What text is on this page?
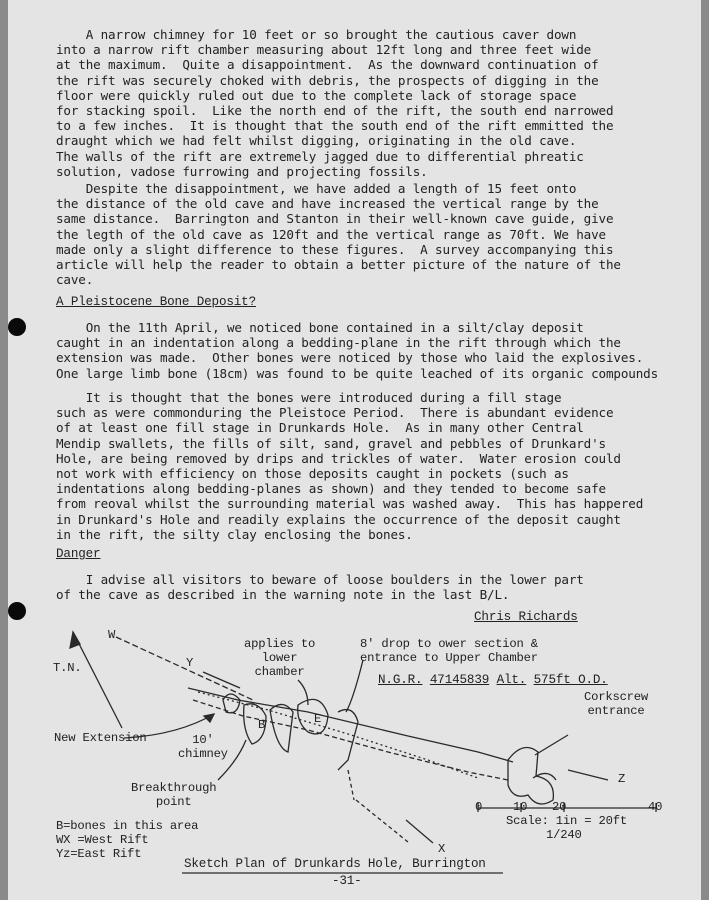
A narrow chimney for 10 feet or so brought the cautious caver down
into a narrow rift chamber measuring about 12ft long and three feet wide
at the maximum.  Quite a disappointment.  As the downward continuation of
the rift was securely choked with debris, the prospects of digging in the
floor were quickly ruled out due to the complete lack of storage space
for stacking spoil.  Like the north end of the rift, the south end narrowed
to a few inches.  It is thought that the south end of the rift emmitted the
draught which we had felt whilst digging, originating in the old cave.
The walls of the rift are extremely jagged due to differential phreatic
solution, vadose furrowing and projecting fossils.
Despite the disappointment, we have added a length of 15 feet onto
the distance of the old cave and have increased the vertical range by the
same distance.  Barrington and Stanton in their well-known cave guide, give
the legth of the old cave as 120ft and the vertical range as 70ft. We have
made only a slight difference to these figures.  A survey accompanying this
article will help the reader to obtain a better picture of the nature of the
cave.
A Pleistocene Bone Deposit?
On the 11th April, we noticed bone contained in a silt/clay deposit
caught in an indentation along a bedding-plane in the rift through which the
extension was made.  Other bones were noticed by those who laid the explosives.
One large limb bone (18cm) was found to be quite leached of its organic compounds
It is thought that the bones were introduced during a fill stage
such as were commonduring the Pleistoce Period.  There is abundant evidence
of at least one fill stage in Drunkards Hole.  As in many other Central
Mendip swallets, the fills of silt, sand, gravel and pebbles of Drunkard's
Hole, are being removed by drips and trickles of water.  Water erosion could
not work with efficiency on those deposits caught in pockets (such as
indentations along bedding-planes as shown) and they tended to become safe
from reoval whilst the surrounding material was washed away.  This has happered
in Drunkard's Hole and readily explains the occurrence of the deposit caught
in the rift, the silty clay enclosing the bones.
Danger
I advise all visitors to beware of loose boulders in the lower part
of the cave as described in the warning note in the last B/L.
Chris Richards
N.G.R. 47145839 Alt. 575ft O.D.
W
T.N.	Y
applies to
lower
chamber
8' drop to ower section &
entrance to Upper Chamber
B	E
New Extension	10'
chimney
Breakthrough
point
Corkscrew
entrance
Z
X
0	10 20	40
Scale: 1in = 20ft
1/240
B=bones in this area
WX =West Rift
Yz=East Rift
Sketch Plan of Drunkards Hole, Burrington
-31-
